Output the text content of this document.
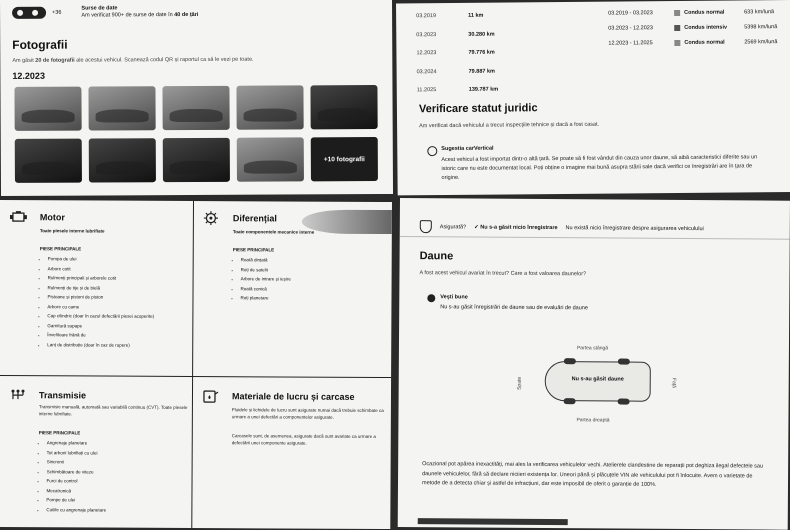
+36
Surse de date
Am verificat 900+ de surse de date în 40 de țări
Fotografii
Am găsit 20 de fotografii ale acestui vehicul. Scanează codul QR și raportul ca să le vezi pe toate.
12.2023
+10 fotografii
03.2019	11 km
03.2023	30.280 km
12.2023	79.776 km
03.2024	79.887 km
11.2025	139.787 km
03.2019 - 03.2023	Condus normal	633 km/lună
03.2023 - 12.2023	Condus intensiv	5398 km/lună
12.2023 - 11.2025	Condus normal	2569 km/lună
Verificare statut juridic
Am verificat dacă vehiculul a trecut inspecțiile tehnice și dacă a fost casat.
Sugestia carVertical
Acest vehicul a fost importat dintr-o altă țară. Se poate să fi fost vândut din cauza unor daune, să aibă caracteristici diferite sau un istoric care nu este documentat local. Poți obține o imagine mai bună asupra stării sale dacă verifici ce înregistrări are în țara de origine.
Motor
Toate piesele interne lubrifiate
PIESE PRINCIPALE
• Pompa de ulei
• Arbore cotit
• Rulmenți principali și arborele cotit
• Rulmenți de tije și de bielă
• Pistoane și pistoni de piston
• Arbore cu came
• Cap cilindric (doar în cazul defectării piesei acoperite)
• Garnitură supape
• Învelitoare frână de
• Lanț de distribuție (doar în caz de rupere)
Diferențial
Toate componentele mecanice interne
PIESE PRINCIPALE
• Roată dințată
• Roți de satelit
• Arbore de intrare și ieșire
• Roată conică
• Roți planetare
Transmisie
Transmisie manuală, automată sau variabilă continuu (CVT). Toate piesele interne lubrifiate.
PIESE PRINCIPALE
• Angrenaje planetare
• Tot arborii lubrifiați cu ulei
• Sincronii
• Schimbătoare de viteze
• Furci de control
• Mecatronică
• Pompe de ulei
• Cutiile cu angrenaje planetare
Materiale de lucru și carcase
Fluidele și lichidele de lucru sunt asigurate numai dacă trebuie schimbate ca urmare a unei defectări a componentelor asigurate.
Carcasele sunt, de asemenea, asigurate dacă sunt avariate ca urmare a defectării unei componente asigurate.
Asigurată? ✓ Nu s-a găsit nicio înregistrare Nu există nicio înregistrare despre asigurarea vehiculului
Daune
A fost acest vehicul avariat în trecut? Care a fost valoarea daunelor?
Vești bune
Nu s-au găsit înregistrări de daune sau de evaluări de daune
Partea stângă
Partea dreaptă
Spate	Față
Nu s-au găsit daune
Ocazional pot apărea inexactități, mai ales la verificarea vehiculelor vechi. Atelierele clandestine de reparații pot deghiza ilegal defectele sau daunele vehiculelor, fără să declare niciieri existența lor. Uneori până și plăcuțele VIN ale vehiculului pot fi înlocuite. Avem o varietate de metode de a detecta chiar și astfel de infracțiuni, dar este imposibil de oferit o garanție de 100%.
